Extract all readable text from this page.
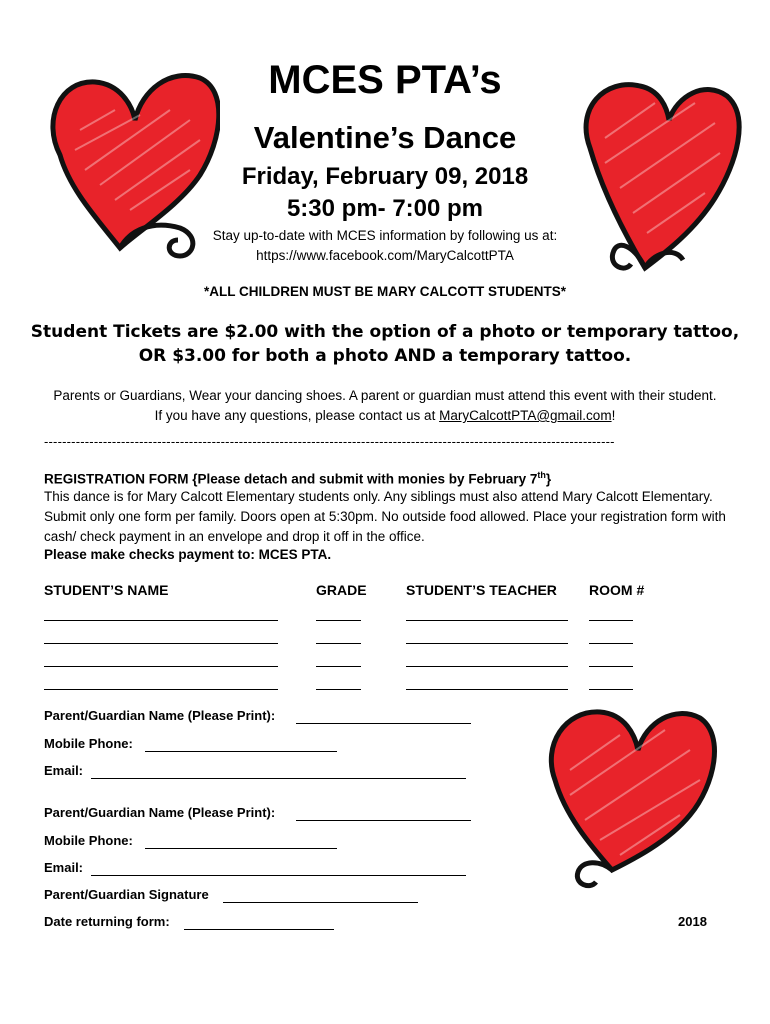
MCES PTA’s
Valentine’s Dance
Friday, February 09, 2018
5:30 pm- 7:00 pm
Stay up-to-date with MCES information by following us at:
https://www.facebook.com/MaryCalcottPTA
*ALL CHILDREN MUST BE MARY CALCOTT STUDENTS*
Student Tickets are $2.00 with the option of a photo or temporary tattoo,
OR $3.00 for both a photo AND a temporary tattoo.
Parents or Guardians, Wear your dancing shoes. A parent or guardian must attend this event with their student.
If you have any questions, please contact us at MaryCalcottPTA@gmail.com!
------------------------------------------------------------------------------------------------------------------------------
REGISTRATION FORM {Please detach and submit with monies by February 7th}
This dance is for Mary Calcott Elementary students only. Any siblings must also attend Mary Calcott Elementary. Submit only one form per family. Doors open at 5:30pm. No outside food allowed. Place your registration form with cash/ check payment in an envelope and drop it off in the office.
Please make checks payment to: MCES PTA.
STUDENT’S NAME	GRADE	STUDENT’S TEACHER ROOM #
Parent/Guardian Name (Please Print):
Mobile Phone:
Email:
Parent/Guardian Name (Please Print):
Mobile Phone:
Email:
Parent/Guardian Signature
Date returning form:	2018
